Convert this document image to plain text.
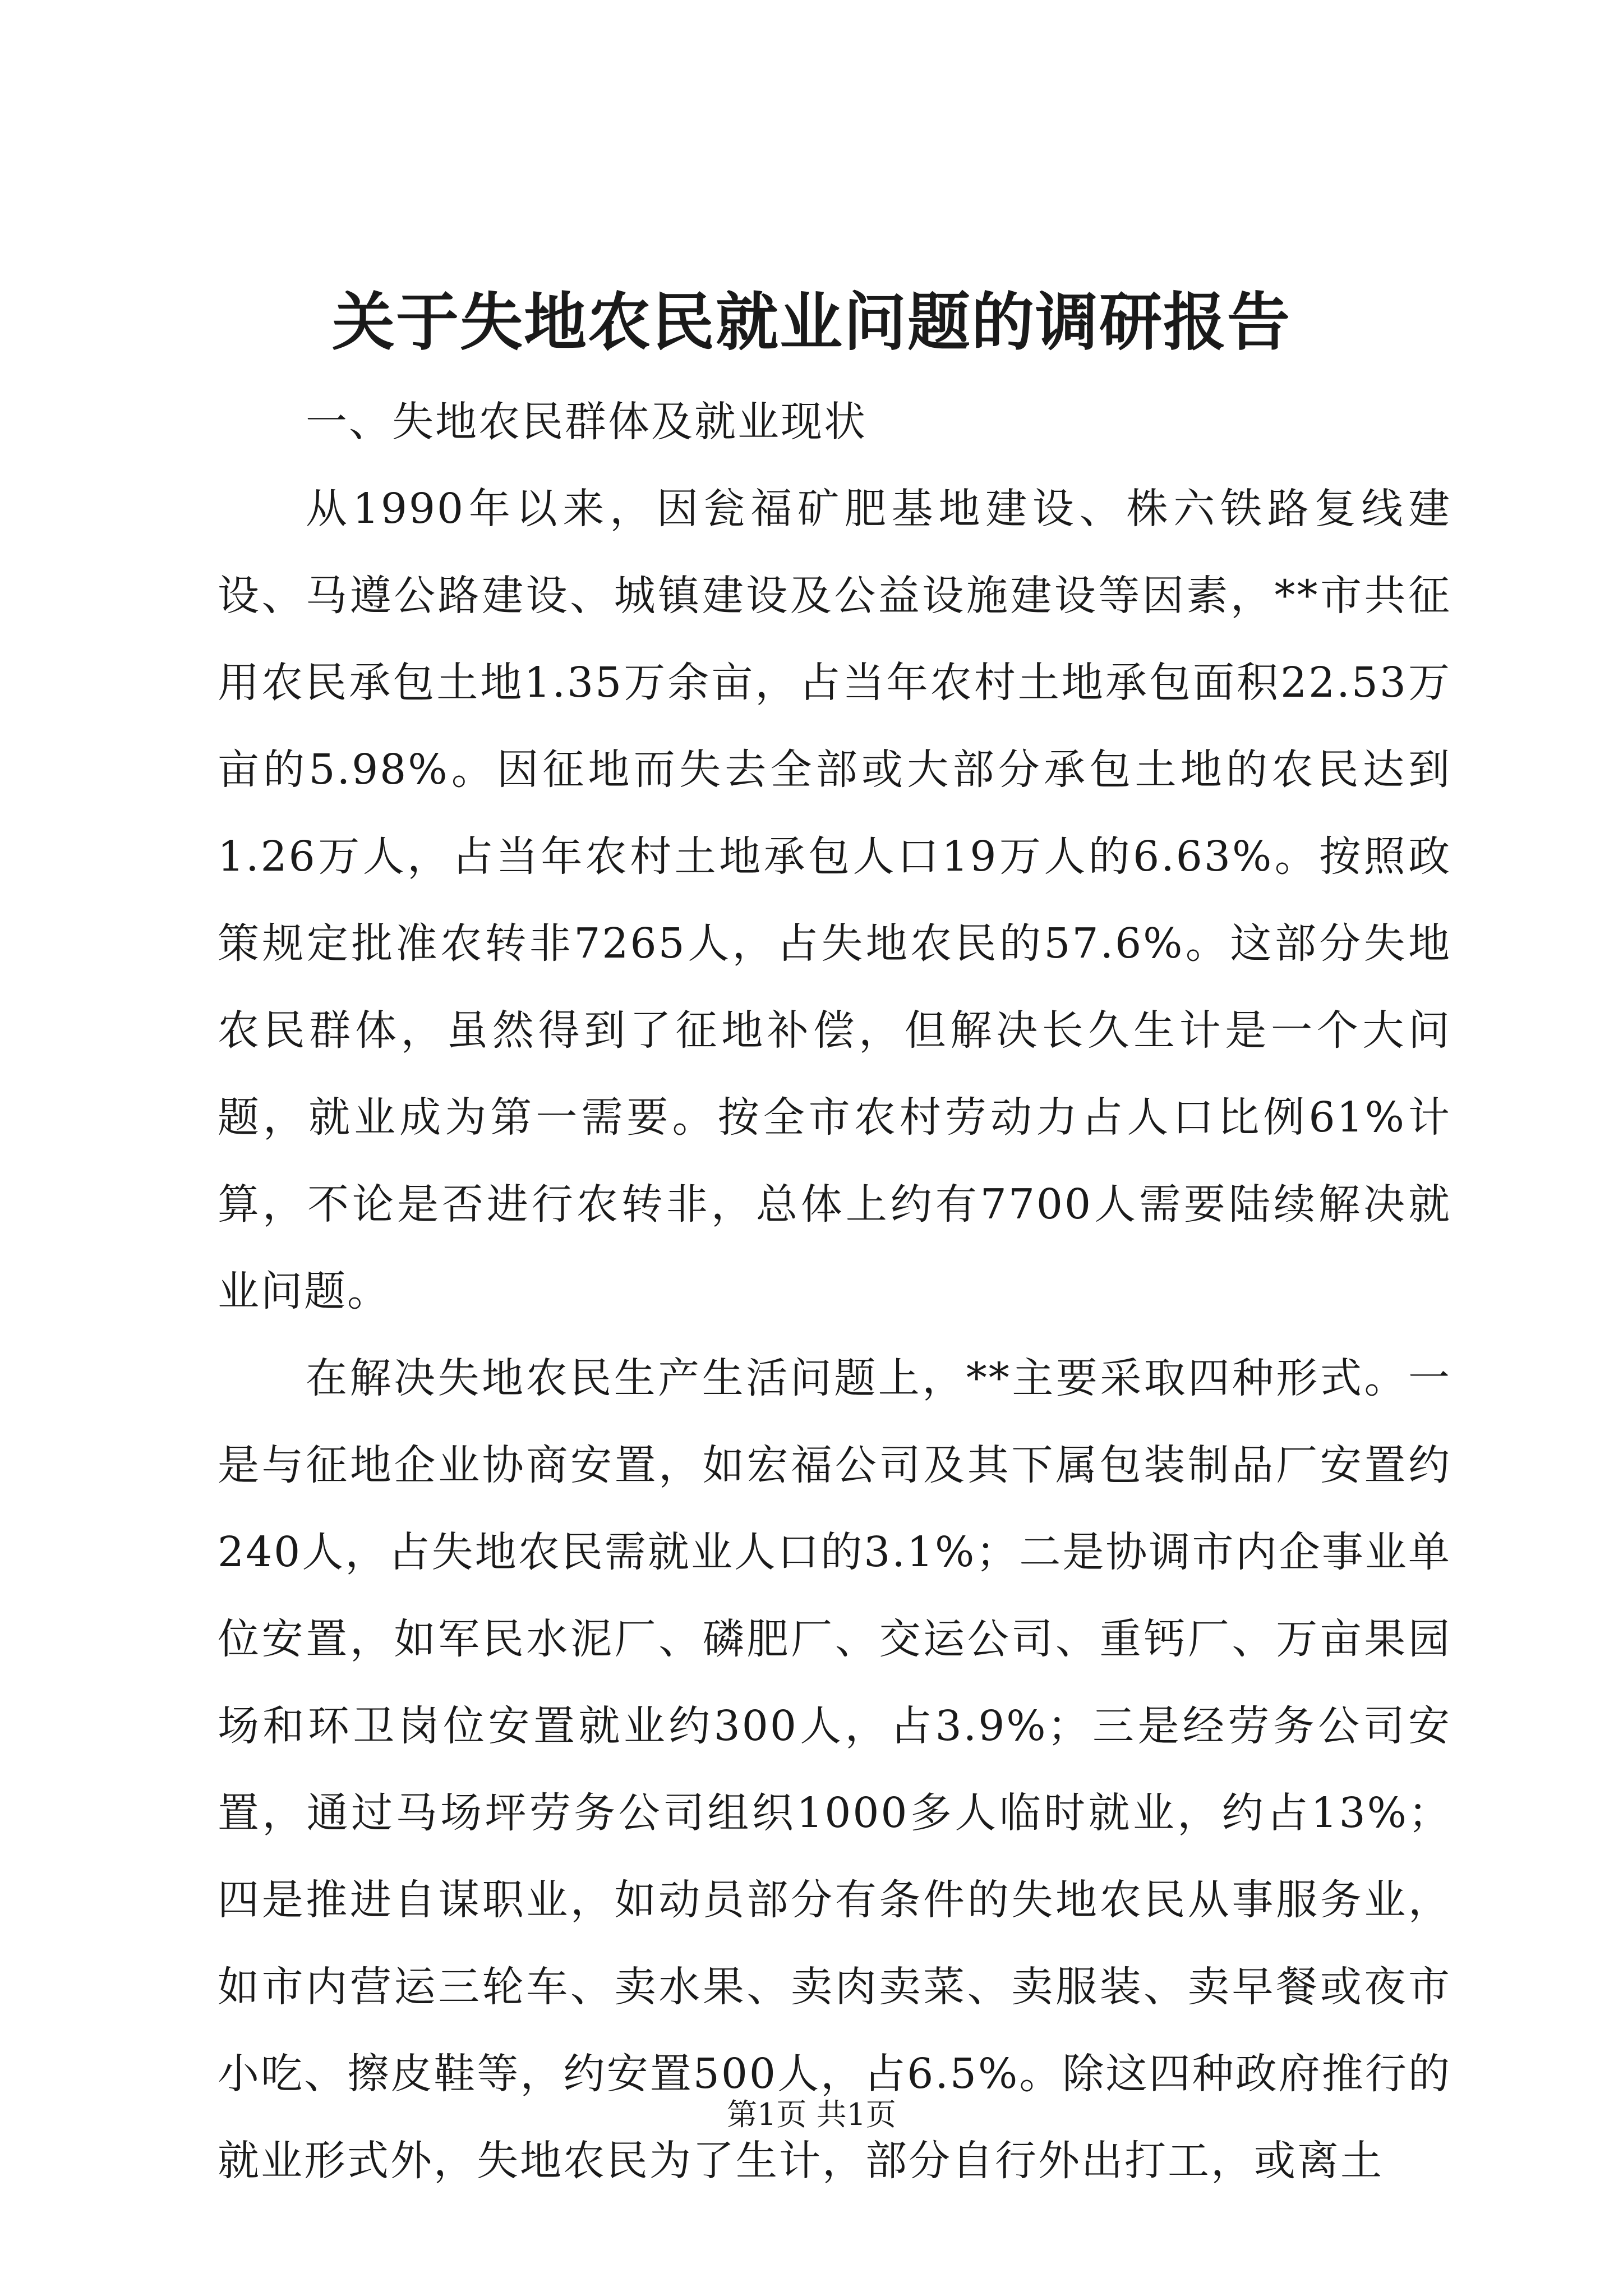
关于失地农民就业问题的调研报告
一、失地农民群体及就业现状

从1990年以来，因瓮福矿肥基地建设、株六铁路复线建设、马遵公路建设、城镇建设及公益设施建设等因素，**市共征用农民承包土地1.35万余亩，占当年农村土地承包面积22.53万亩的5.98%。因征地而失去全部或大部分承包土地的农民达到1.26万人，占当年农村土地承包人口19万人的6.63%。按照政策规定批准农转非7265人，占失地农民的57.6%。这部分失地农民群体，虽然得到了征地补偿，但解决长久生计是一个大问题，就业成为第一需要。按全市农村劳动力占人口比例61%计算，不论是否进行农转非，总体上约有7700人需要陆续解决就业问题。

在解决失地农民生产生活问题上，**主要采取四种形式。一是与征地企业协商安置，如宏福公司及其下属包装制品厂安置约240人，占失地农民需就业人口的3.1%；二是协调市内企事业单位安置，如军民水泥厂、磷肥厂、交运公司、重钙厂、万亩果园场和环卫岗位安置就业约300人，占3.9%；三是经劳务公司安置，通过马场坪劳务公司组织1000多人临时就业，约占13%；四是推进自谋职业，如动员部分有条件的失地农民从事服务业，如市内营运三轮车、卖水果、卖肉卖菜、卖服装、卖早餐或夜市小吃、擦皮鞋等，约安置500人，占6.5%。除这四种政府推行的就业形式外，失地农民为了生计，部分自行外出打工，或离土

第1页 共1页
